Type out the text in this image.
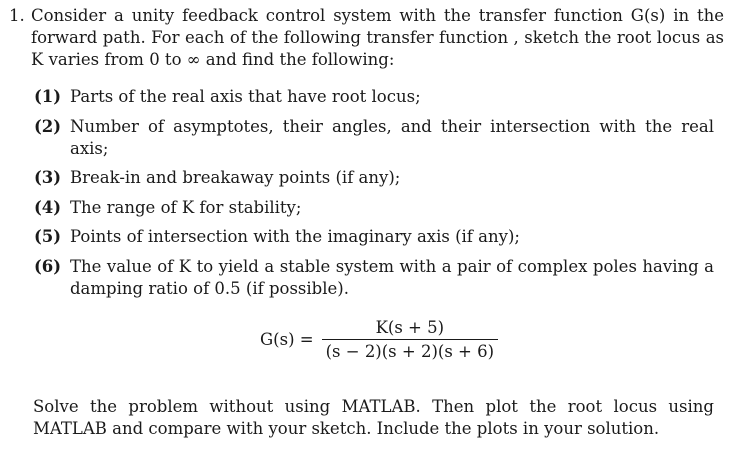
1. Consider a unity feedback control system with the transfer function G(s) in the forward path. For each of the following transfer function , sketch the root locus as K varies from 0 to ∞ and find the following:
(1) Parts of the real axis that have root locus;
(2) Number of asymptotes, their angles, and their intersection with the real axis;
(3) Break-in and breakaway points (if any);
(4) The range of K for stability;
(5) Points of intersection with the imaginary axis (if any);
(6) The value of K to yield a stable system with a pair of complex poles having a damping ratio of 0.5 (if possible).
$G(s) = \frac{K(s + 5)}{(s - 2)(s + 2)(s + 6)}$
Solve the problem without using MATLAB. Then plot the root locus using MATLAB and compare with your sketch. Include the plots in your solution.
